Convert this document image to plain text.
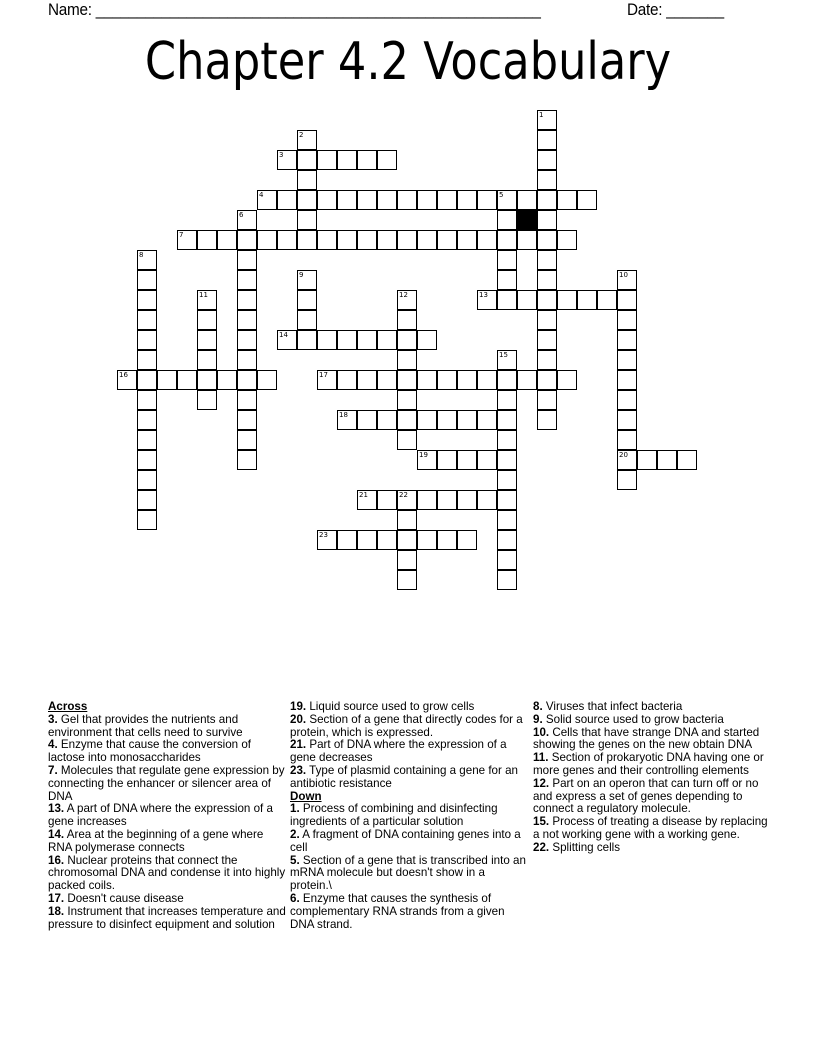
Name: ______________________________________________________	Date: _______
Chapter 4.2 Vocabulary
1
2
3
4	5
6
7
8
9	10
20
11	12	13
14
15
16	17
18
19
21	22
23
Across
3. Gel that provides the nutrients and environment that cells need to survive
4. Enzyme that cause the conversion of lactose into monosaccharides
7. Molecules that regulate gene expression by connecting the enhancer or silencer area of DNA
13. A part of DNA where the expression of a gene increases
14. Area at the beginning of a gene where RNA polymerase connects
16. Nuclear proteins that connect the chromosomal DNA and condense it into highly packed coils.
17. Doesn't cause disease
18. Instrument that increases temperature and pressure to disinfect equipment and solution
19. Liquid source used to grow cells
20. Section of a gene that directly codes for a protein, which is expressed.
21. Part of DNA where the expression of a gene decreases
23. Type of plasmid containing a gene for an antibiotic resistance
Down
1. Process of combining and disinfecting ingredients of a particular solution
2. A fragment of DNA containing genes into a cell
5. Section of a gene that is transcribed into an mRNA molecule but doesn't show in a protein.\
6. Enzyme that causes the synthesis of complementary RNA strands from a given DNA strand.
8. Viruses that infect bacteria
9. Solid source used to grow bacteria
10. Cells that have strange DNA and started showing the genes on the new obtain DNA
11. Section of prokaryotic DNA having one or more genes and their controlling elements
12. Part on an operon that can turn off or no and express a set of genes depending to connect a regulatory molecule.
15. Process of treating a disease by replacing a not working gene with a working gene.
22. Splitting cells
